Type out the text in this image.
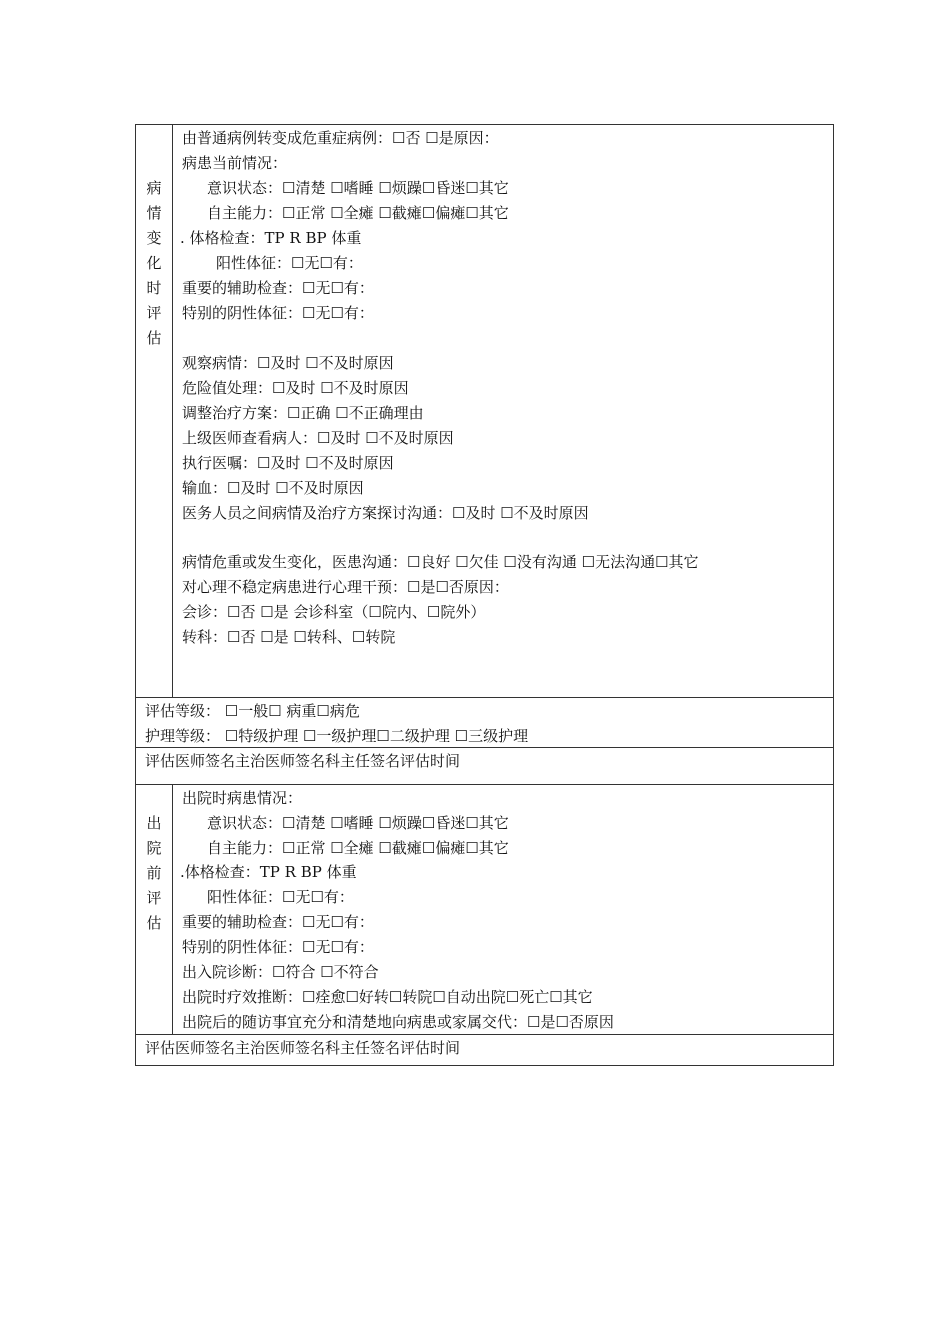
病
情
变
化
时
评
估
由普通病例转变成危重症病例：☐否 ☐是原因：
病患当前情况：
意识状态：☐清楚 ☐嗜睡 ☐烦躁☐昏迷☐其它
自主能力：☐正常 ☐全瘫 ☐截瘫☐偏瘫☐其它
. 体格检查：TP R BP 体重
阳性体征：☐无☐有：
重要的辅助检查：☐无☐有：
特别的阴性体征：☐无☐有：
观察病情：☐及时 ☐不及时原因
危险值处理：☐及时 ☐不及时原因
调整治疗方案：☐正确 ☐不正确理由
上级医师查看病人：☐及时 ☐不及时原因
执行医嘱：☐及时 ☐不及时原因
输血：☐及时 ☐不及时原因
医务人员之间病情及治疗方案探讨沟通：☐及时 ☐不及时原因
病情危重或发生变化，医患沟通：☐良好 ☐欠佳 ☐没有沟通 ☐无法沟通☐其它
对心理不稳定病患进行心理干预：☐是☐否原因：
会诊：☐否 ☐是 会诊科室（☐院内、☐院外）
转科：☐否 ☐是 ☐转科、☐转院
评估等级： ☐一般☐ 病重☐病危
护理等级： ☐特级护理 ☐一级护理☐二级护理 ☐三级护理
评估医师签名主治医师签名科主任签名评估时间
出
院
前
评
估
出院时病患情况：
意识状态：☐清楚 ☐嗜睡 ☐烦躁☐昏迷☐其它
自主能力：☐正常 ☐全瘫 ☐截瘫☐偏瘫☐其它
.体格检查：TP R BP 体重
阳性体征：☐无☐有：
重要的辅助检查：☐无☐有：
特别的阴性体征：☐无☐有：
出入院诊断：☐符合 ☐不符合
出院时疗效推断：☐痊愈☐好转☐转院☐自动出院☐死亡☐其它
出院后的随访事宜充分和清楚地向病患或家属交代：☐是☐否原因
评估医师签名主治医师签名科主任签名评估时间
